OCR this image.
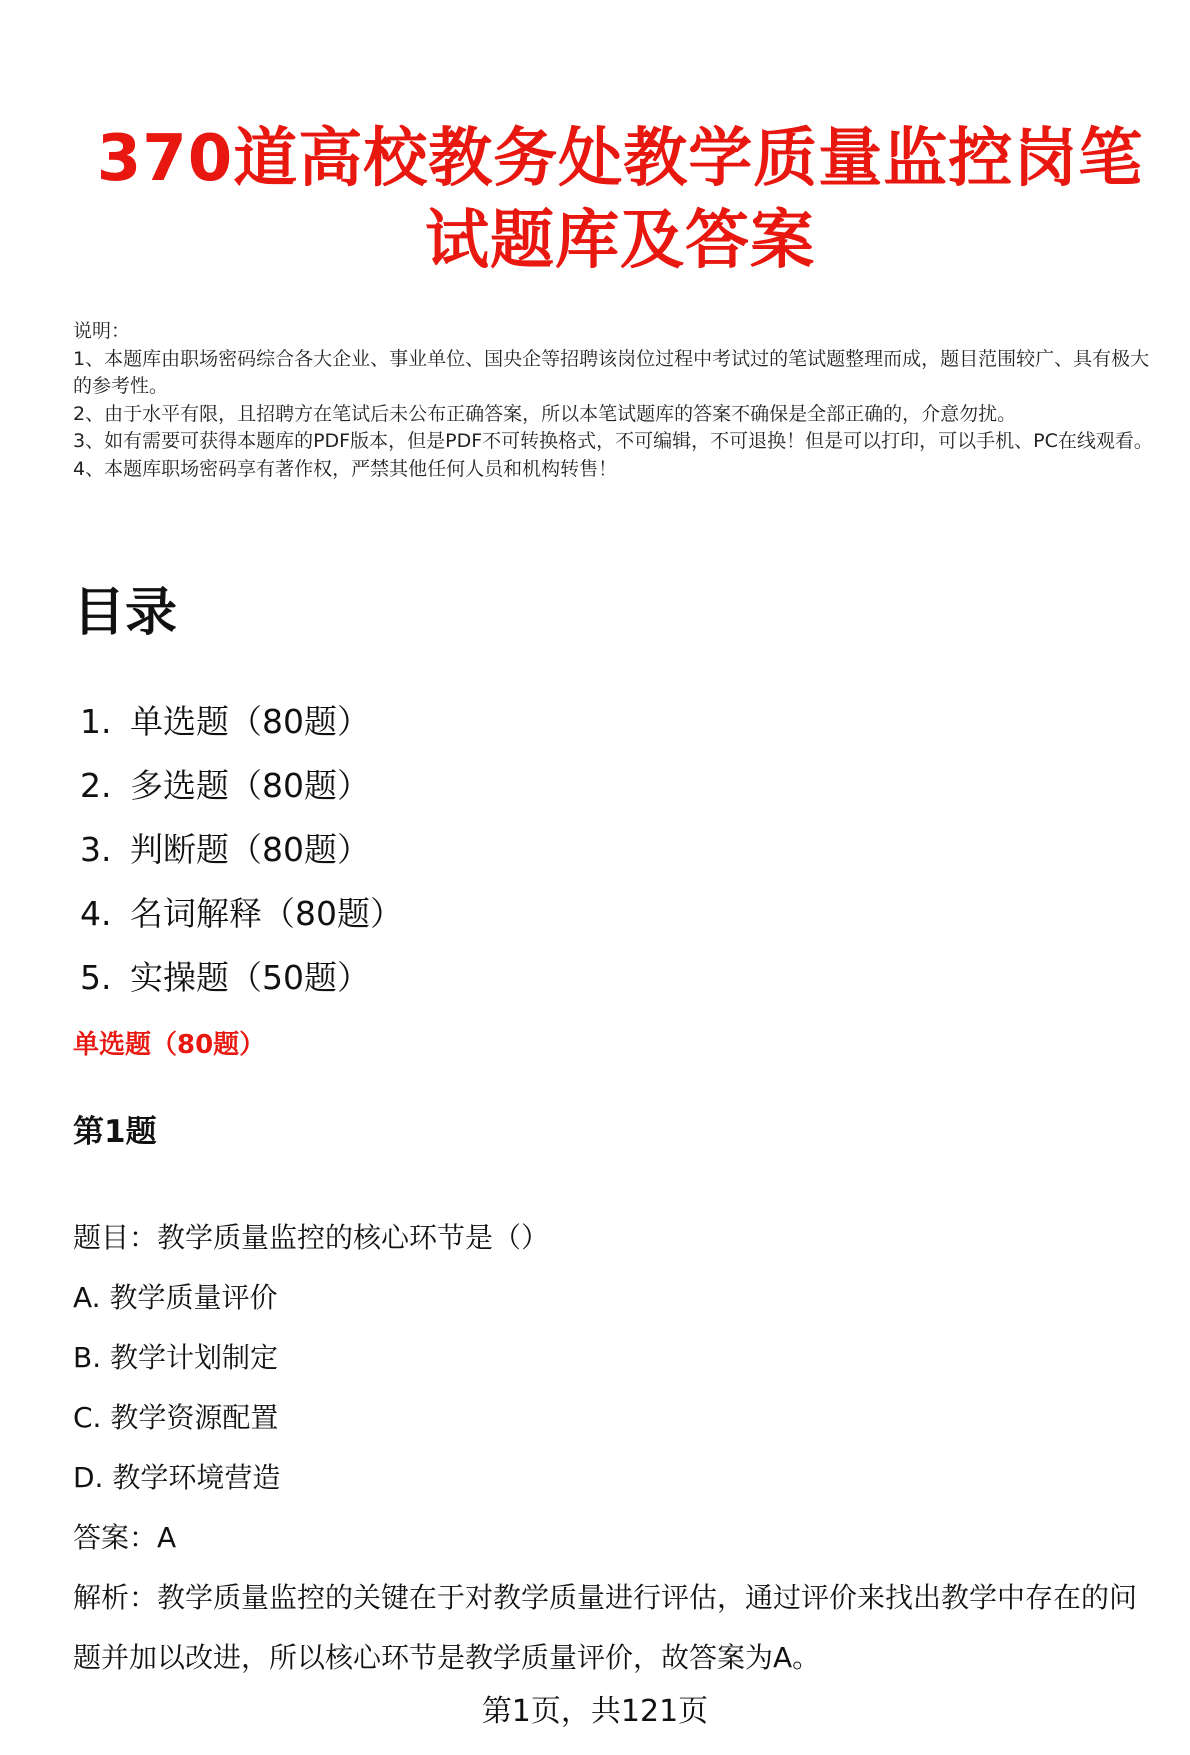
370道高校教务处教学质量监控岗笔试题库及答案
说明：
1、本题库由职场密码综合各大企业、事业单位、国央企等招聘该岗位过程中考试过的笔试题整理而成，题目范围较广、具有极大的参考性。
2、由于水平有限，且招聘方在笔试后未公布正确答案，所以本笔试题库的答案不确保是全部正确的，介意勿扰。
3、如有需要可获得本题库的PDF版本，但是PDF不可转换格式，不可编辑，不可退换！但是可以打印，可以手机、PC在线观看。
4、本题库职场密码享有著作权，严禁其他任何人员和机构转售！
目录
1. 单选题（80题）
2. 多选题（80题）
3. 判断题（80题）
4. 名词解释（80题）
5. 实操题（50题）
单选题（80题）
第1题
题目：教学质量监控的核心环节是（）
A. 教学质量评价
B. 教学计划制定
C. 教学资源配置
D. 教学环境营造
答案：A
解析：教学质量监控的关键在于对教学质量进行评估，通过评价来找出教学中存在的问题并加以改进，所以核心环节是教学质量评价，故答案为A。
第1页，共121页
